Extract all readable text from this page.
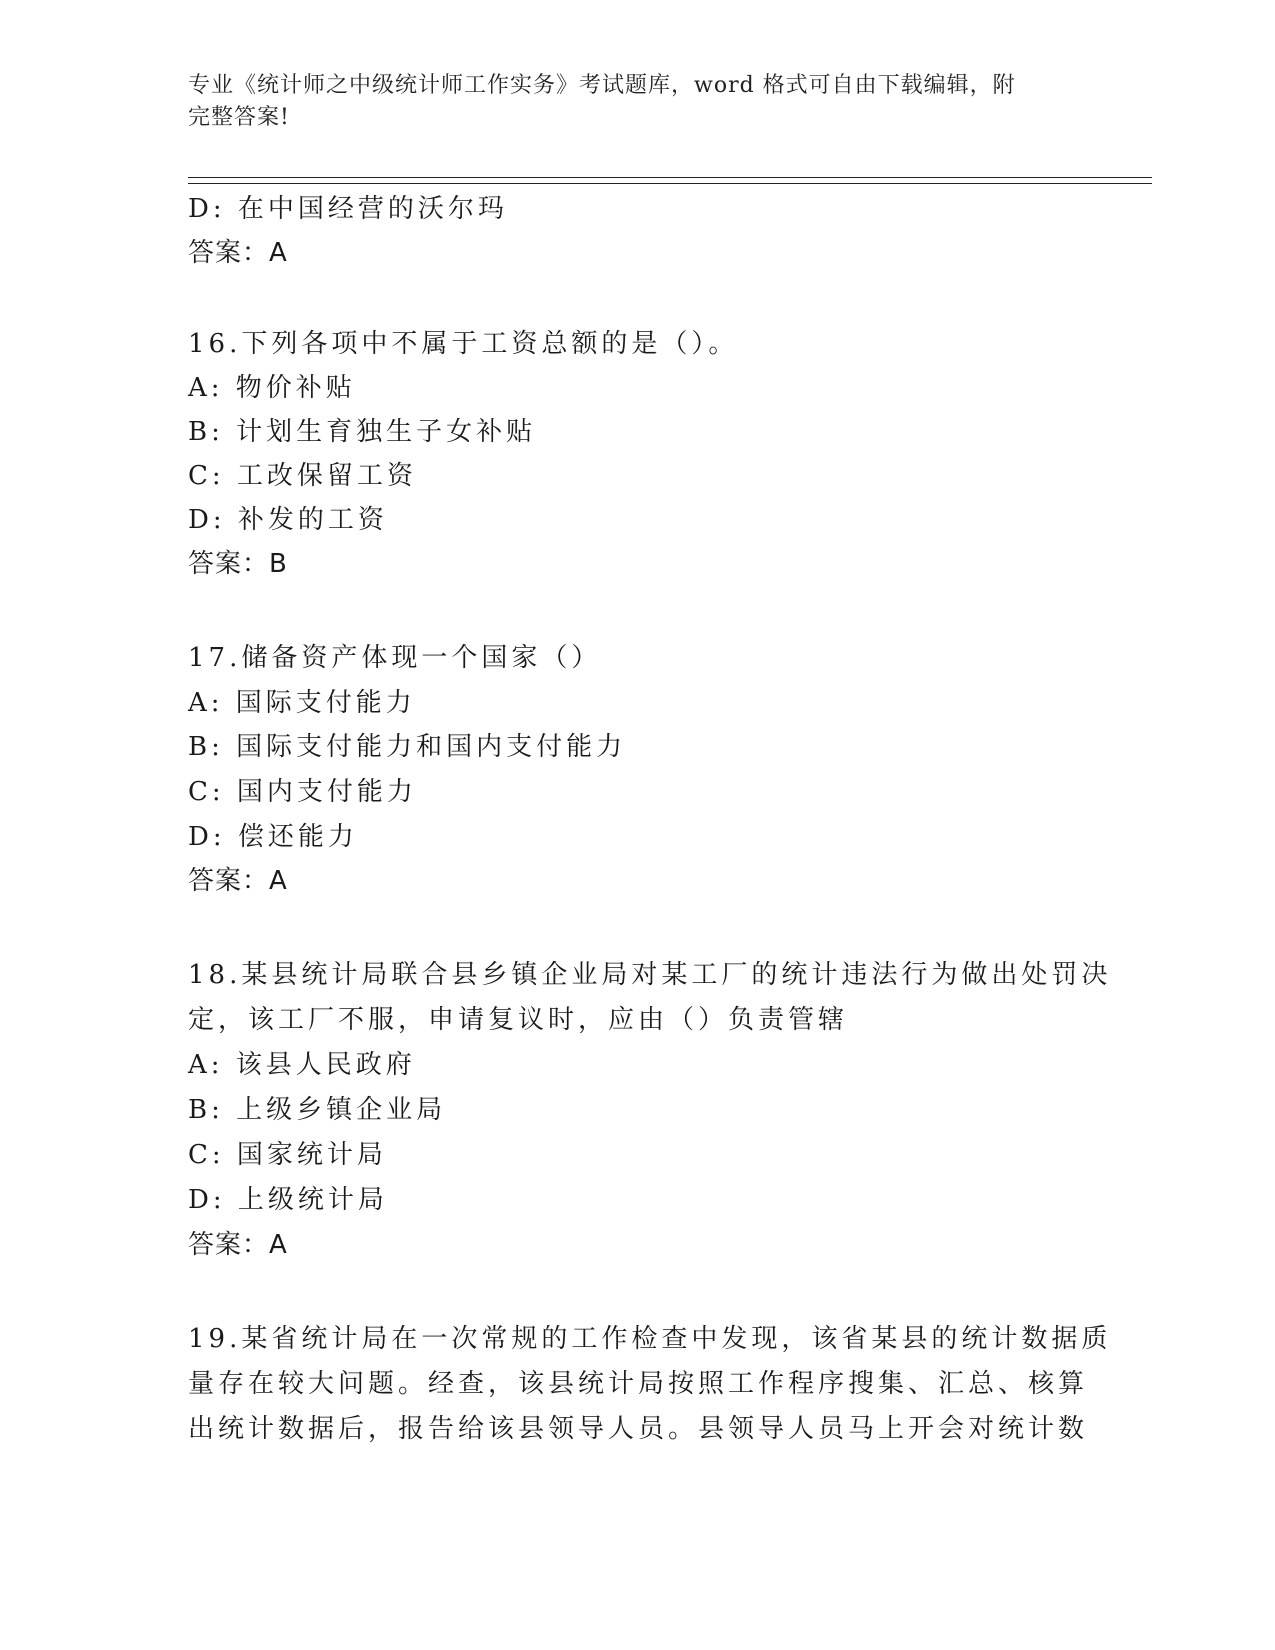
专业《统计师之中级统计师工作实务》考试题库，word 格式可自由下载编辑，附
完整答案!
D: 在中国经营的沃尔玛
答案：A
16.下列各项中不属于工资总额的是（）。
A: 物价补贴
B: 计划生育独生子女补贴
C: 工改保留工资
D: 补发的工资
答案：B
17.储备资产体现一个国家（）
A: 国际支付能力
B: 国际支付能力和国内支付能力
C: 国内支付能力
D: 偿还能力
答案：A
18.某县统计局联合县乡镇企业局对某工厂的统计违法行为做出处罚决
定，该工厂不服，申请复议时，应由（）负责管辖
A: 该县人民政府
B: 上级乡镇企业局
C: 国家统计局
D: 上级统计局
答案：A
19.某省统计局在一次常规的工作检查中发现，该省某县的统计数据质
量存在较大问题。经查，该县统计局按照工作程序搜集、汇总、核算
出统计数据后，报告给该县领导人员。县领导人员马上开会对统计数
